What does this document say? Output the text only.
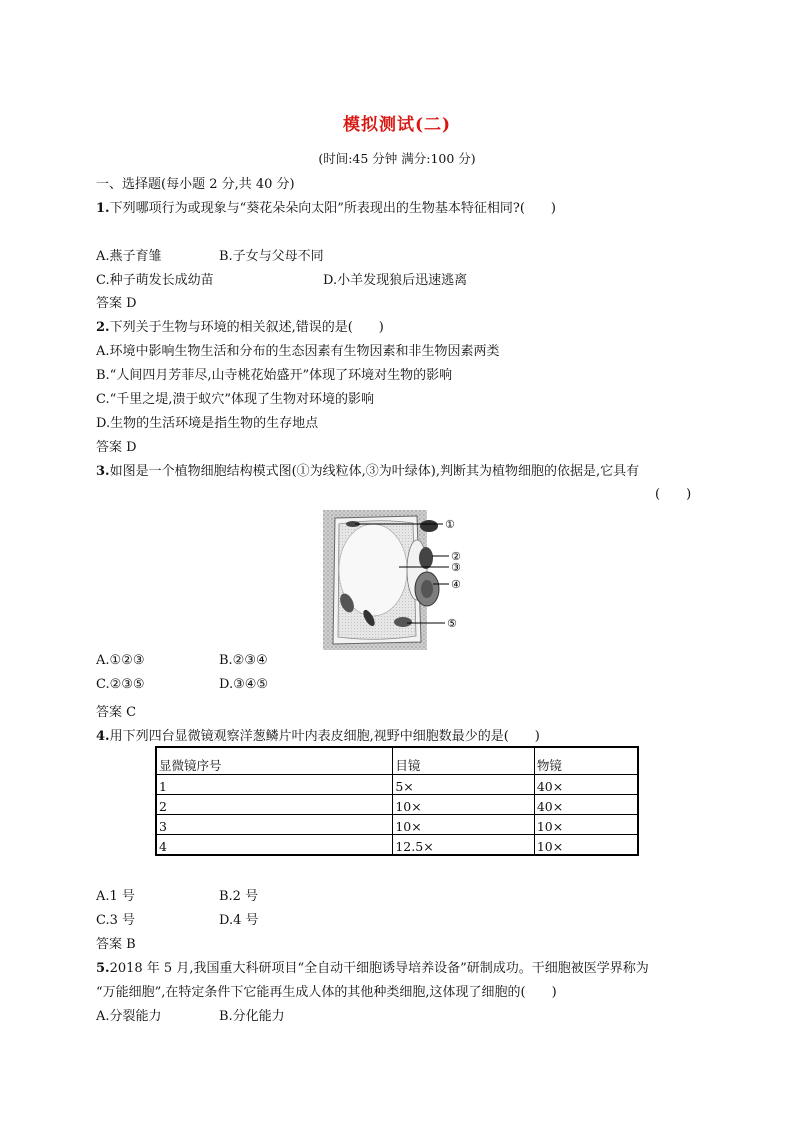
模拟测试(二)
(时间:45 分钟 满分:100 分)
一、选择题(每小题 2 分,共 40 分)
1.下列哪项行为或现象与“葵花朵朵向太阳”所表现出的生物基本特征相同?(　　)
A.燕子育雏	B.子女与父母不同
C.种子萌发长成幼苗	D.小羊发现狼后迅速逃离
答案 D
2.下列关于生物与环境的相关叙述,错误的是(　　)
A.环境中影响生物生活和分布的生态因素有生物因素和非生物因素两类
B.“人间四月芳菲尽,山寺桃花始盛开”体现了环境对生物的影响
C.“千里之堤,溃于蚁穴”体现了生物对环境的影响
D.生物的生活环境是指生物的生存地点
答案 D
3.如图是一个植物细胞结构模式图(①为线粒体,③为叶绿体),判断其为植物细胞的依据是,它具有
(　　)
①
②
③
④
⑤
A.①②③	B.②③④
C.②③⑤	D.③④⑤
答案 C
4.用下列四台显微镜观察洋葱鳞片叶内表皮细胞,视野中细胞数最少的是(　　)
显微镜序号	目镜	物镜
1	5×	40×
2	10×	40×
3	10×	10×
4	12.5×	10×
A.1 号	B.2 号
C.3 号	D.4 号
答案 B
5.2018 年 5 月,我国重大科研项目“全自动干细胞诱导培养设备”研制成功。干细胞被医学界称为
“万能细胞”,在特定条件下它能再生成人体的其他种类细胞,这体现了细胞的(　　)
A.分裂能力	B.分化能力
